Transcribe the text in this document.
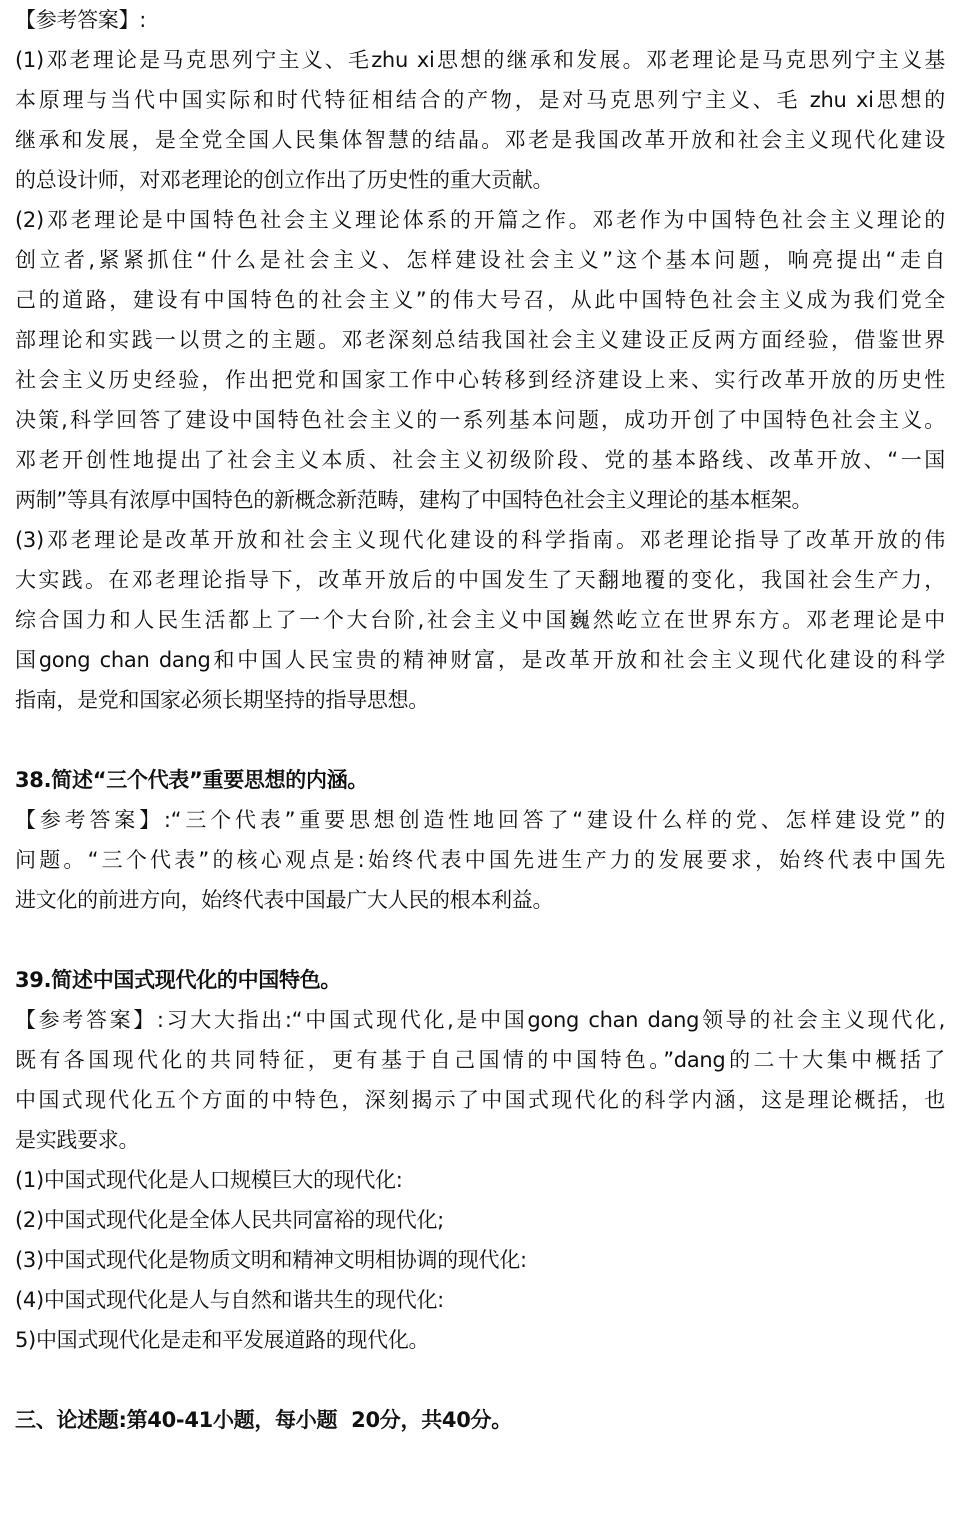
【参考答案】:
(1)邓老理论是马克思列宁主义、毛zhu xi思想的继承和发展。邓老理论是马克思列宁主义基
本原理与当代中国实际和时代特征相结合的产物，是对马克思列宁主义、毛 zhu xi思想的
继承和发展，是全党全国人民集体智慧的结晶。邓老是我国改革开放和社会主义现代化建设
的总设计师，对邓老理论的创立作出了历史性的重大贡献。
(2)邓老理论是中国特色社会主义理论体系的开篇之作。邓老作为中国特色社会主义理论的
创立者,紧紧抓住“什么是社会主义、怎样建设社会主义”这个基本问题，响亮提出“走自
己的道路，建设有中国特色的社会主义”的伟大号召，从此中国特色社会主义成为我们党全
部理论和实践一以贯之的主题。邓老深刻总结我国社会主义建设正反两方面经验，借鉴世界
社会主义历史经验，作出把党和国家工作中心转移到经济建设上来、实行改革开放的历史性
决策,科学回答了建设中国特色社会主义的一系列基本问题，成功开创了中国特色社会主义。
邓老开创性地提出了社会主义本质、社会主义初级阶段、党的基本路线、改革开放、“一国
两制”等具有浓厚中国特色的新概念新范畴，建构了中国特色社会主义理论的基本框架。
(3)邓老理论是改革开放和社会主义现代化建设的科学指南。邓老理论指导了改革开放的伟
大实践。在邓老理论指导下，改革开放后的中国发生了天翻地覆的变化，我国社会生产力，
综合国力和人民生活都上了一个大台阶,社会主义中国巍然屹立在世界东方。邓老理论是中
国gong chan dang和中国人民宝贵的精神财富，是改革开放和社会主义现代化建设的科学
指南，是党和国家必须长期坚持的指导思想。
38.简述“三个代表”重要思想的内涵。
【参考答案】:“三个代表”重要思想创造性地回答了“建设什么样的党、怎样建设党”的
问题。“三个代表”的核心观点是:始终代表中国先进生产力的发展要求，始终代表中国先
进文化的前进方向，始终代表中国最广大人民的根本利益。
39.简述中国式现代化的中国特色。
【参考答案】:习大大指出:“中国式现代化,是中国gong chan dang领导的社会主义现代化,
既有各国现代化的共同特征，更有基于自己国情的中国特色。”dang的二十大集中概括了
中国式现代化五个方面的中特色，深刻揭示了中国式现代化的科学内涵，这是理论概括，也
是实践要求。
(1)中国式现代化是人口规模巨大的现代化:
(2)中国式现代化是全体人民共同富裕的现代化;
(3)中国式现代化是物质文明和精神文明相协调的现代化:
(4)中国式现代化是人与自然和谐共生的现代化:
5)中国式现代化是走和平发展道路的现代化。
三、论述题:第40-41小题，每小题  20分，共40分。
